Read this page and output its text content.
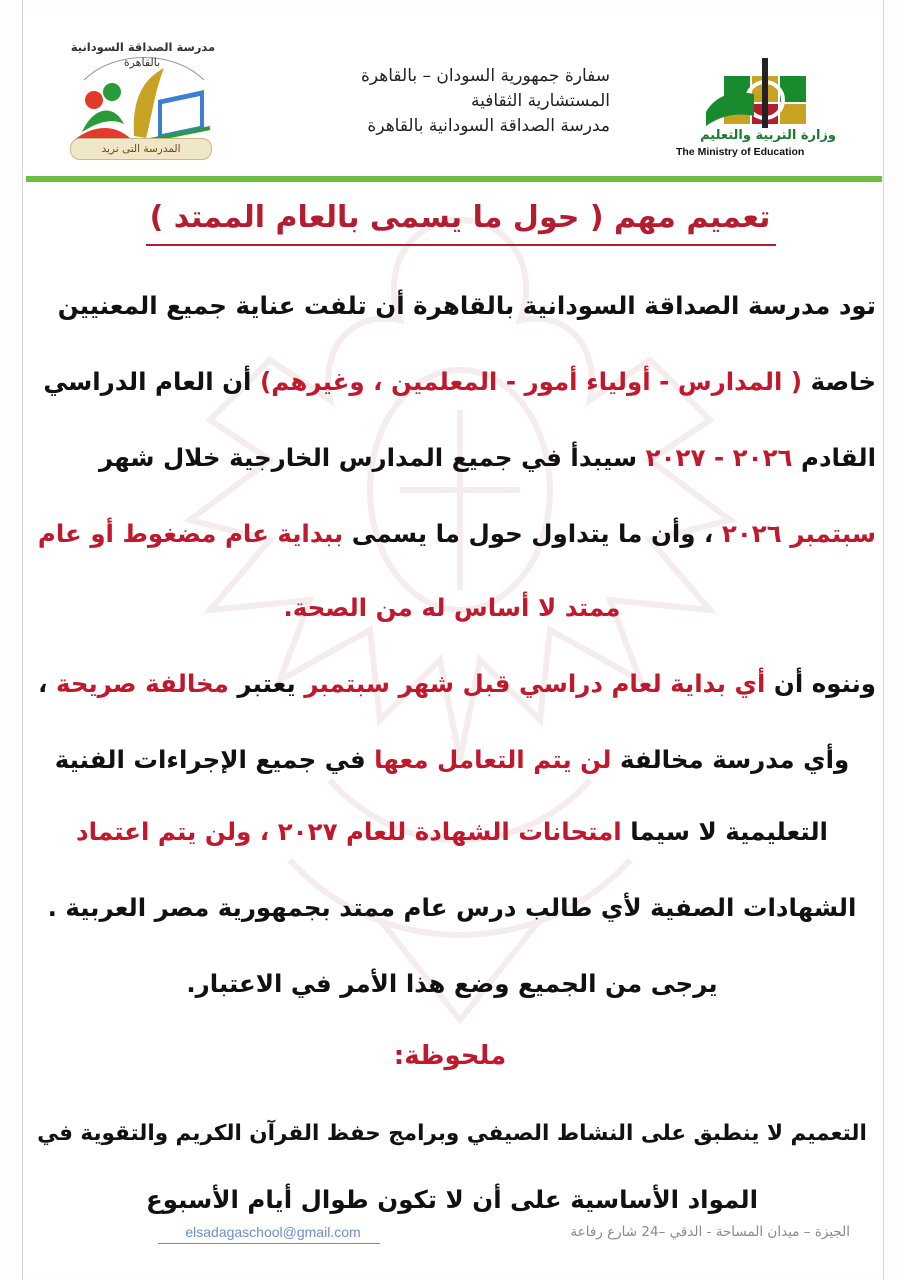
سفارة جمهورية السودان – بالقاهرة
المستشارية الثقافية
مدرسة الصداقة السودانية بالقاهرة	وزارة التربية والتعليم
The Ministry of Education
مدرسة الصداقة السودانية
بالقاهرة
المدرسة التى نريد
تعميم مهم ( حول ما يسمى بالعام الممتد )
تود مدرسة الصداقة السودانية بالقاهرة أن تلفت عناية جميع المعنيين
خاصة ( المدارس - أولياء أمور - المعلمين ، وغيرهم) أن العام الدراسي
القادم ٢٠٢٦ - ٢٠٢٧ سيبدأ في جميع المدارس الخارجية خلال شهر
سبتمبر ٢٠٢٦ ، وأن ما يتداول حول ما يسمى ببداية عام مضغوط أو عام
ممتد لا أساس له من الصحة.
وننوه أن أي بداية لعام دراسي قبل شهر سبتمبر يعتبر مخالفة صريحة ،
وأي مدرسة مخالفة لن يتم التعامل معها في جميع الإجراءات الفنية
التعليمية لا سيما امتحانات الشهادة للعام ٢٠٢٧ ، ولن يتم اعتماد
الشهادات الصفية لأي طالب درس عام ممتد بجمهورية مصر العربية .
يرجى من الجميع وضع هذا الأمر في الاعتبار.
ملحوظة:
التعميم لا ينطبق على النشاط الصيفي وبرامج حفظ القرآن الكريم والتقوية في
المواد الأساسية على أن لا تكون طوال أيام الأسبوع
elsadagaschool@gmail.com	الجيزة – ميدان المساحة - الدقي –24 شارع رفاعة
